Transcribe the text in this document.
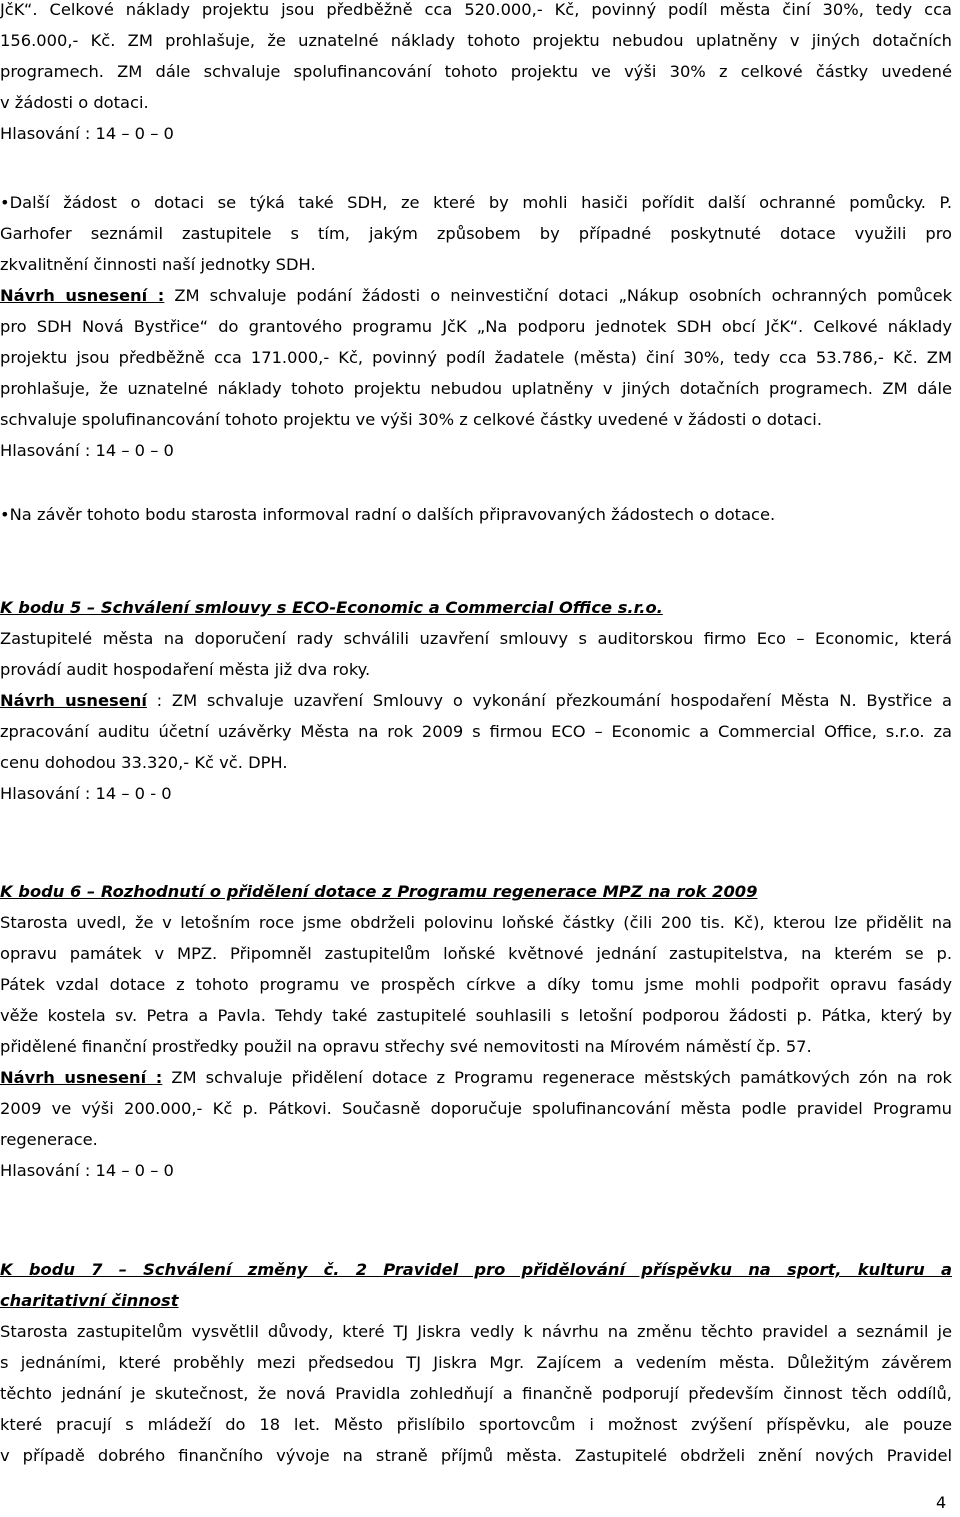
JčK“. Celkové náklady projektu jsou předběžně cca 520.000,- Kč, povinný podíl města činí 30%, tedy cca
156.000,- Kč. ZM prohlašuje, že uznatelné náklady tohoto projektu nebudou uplatněny v jiných dotačních
programech. ZM dále schvaluje spolufinancování tohoto projektu ve výši 30% z celkové částky uvedené
v žádosti o dotaci.
Hlasování : 14 – 0 – 0
•Další žádost o dotaci se týká také SDH, ze které by mohli hasiči pořídit další ochranné pomůcky. P.
Garhofer seznámil zastupitele s tím, jakým způsobem by případné poskytnuté dotace využili pro
zkvalitnění činnosti naší jednotky SDH.
Návrh usnesení : ZM schvaluje podání žádosti o neinvestiční dotaci „Nákup osobních ochranných pomůcek
pro SDH Nová Bystřice“ do grantového programu JčK „Na podporu jednotek SDH obcí JčK“. Celkové náklady
projektu jsou předběžně cca 171.000,- Kč, povinný podíl žadatele (města) činí 30%, tedy cca 53.786,- Kč. ZM
prohlašuje, že uznatelné náklady tohoto projektu nebudou uplatněny v jiných dotačních programech. ZM dále
schvaluje spolufinancování tohoto projektu ve výši 30% z celkové částky uvedené v žádosti o dotaci.
Hlasování : 14 – 0 – 0
•Na závěr tohoto bodu starosta informoval radní o dalších připravovaných žádostech o dotace.
K bodu 5 – Schválení smlouvy s ECO-Economic a Commercial Office s.r.o.
Zastupitelé města na doporučení rady schválili uzavření smlouvy s auditorskou firmo Eco – Economic, která
provádí audit hospodaření města již dva roky.
Návrh usnesení : ZM schvaluje uzavření Smlouvy o vykonání přezkoumání hospodaření Města N. Bystřice a
zpracování auditu účetní uzávěrky Města na rok 2009 s firmou ECO – Economic a Commercial Office, s.r.o. za
cenu dohodou 33.320,- Kč vč. DPH.
Hlasování : 14 – 0 - 0
K bodu 6 – Rozhodnutí o přidělení dotace z Programu regenerace MPZ na rok 2009
Starosta uvedl, že v letošním roce jsme obdrželi polovinu loňské částky (čili 200 tis. Kč), kterou lze přidělit na
opravu památek v MPZ. Připomněl zastupitelům loňské květnové jednání zastupitelstva, na kterém se p.
Pátek vzdal dotace z tohoto programu ve prospěch církve a díky tomu jsme mohli podpořit opravu fasády
věže kostela sv. Petra a Pavla. Tehdy také zastupitelé souhlasili s letošní podporou žádosti p. Pátka, který by
přidělené finanční prostředky použil na opravu střechy své nemovitosti na Mírovém náměstí čp. 57.
Návrh usnesení : ZM schvaluje přidělení dotace z Programu regenerace městských památkových zón na rok
2009 ve výši 200.000,- Kč p. Pátkovi. Současně doporučuje spolufinancování města podle pravidel Programu
regenerace.
Hlasování : 14 – 0 – 0
K bodu 7 – Schválení změny č. 2 Pravidel pro přidělování příspěvku na sport, kulturu a
charitativní činnost
Starosta zastupitelům vysvětlil důvody, které TJ Jiskra vedly k návrhu na změnu těchto pravidel a seznámil je
s jednáními, které proběhly mezi předsedou TJ Jiskra Mgr. Zajícem a vedením města. Důležitým závěrem
těchto jednání je skutečnost, že nová Pravidla zohledňují a finančně podporují především činnost těch oddílů,
které pracují s mládeží do 18 let. Město přislíbilo sportovcům i možnost zvýšení příspěvku, ale pouze
v případě dobrého finančního vývoje na straně příjmů města. Zastupitelé obdrželi znění nových Pravidel
4
